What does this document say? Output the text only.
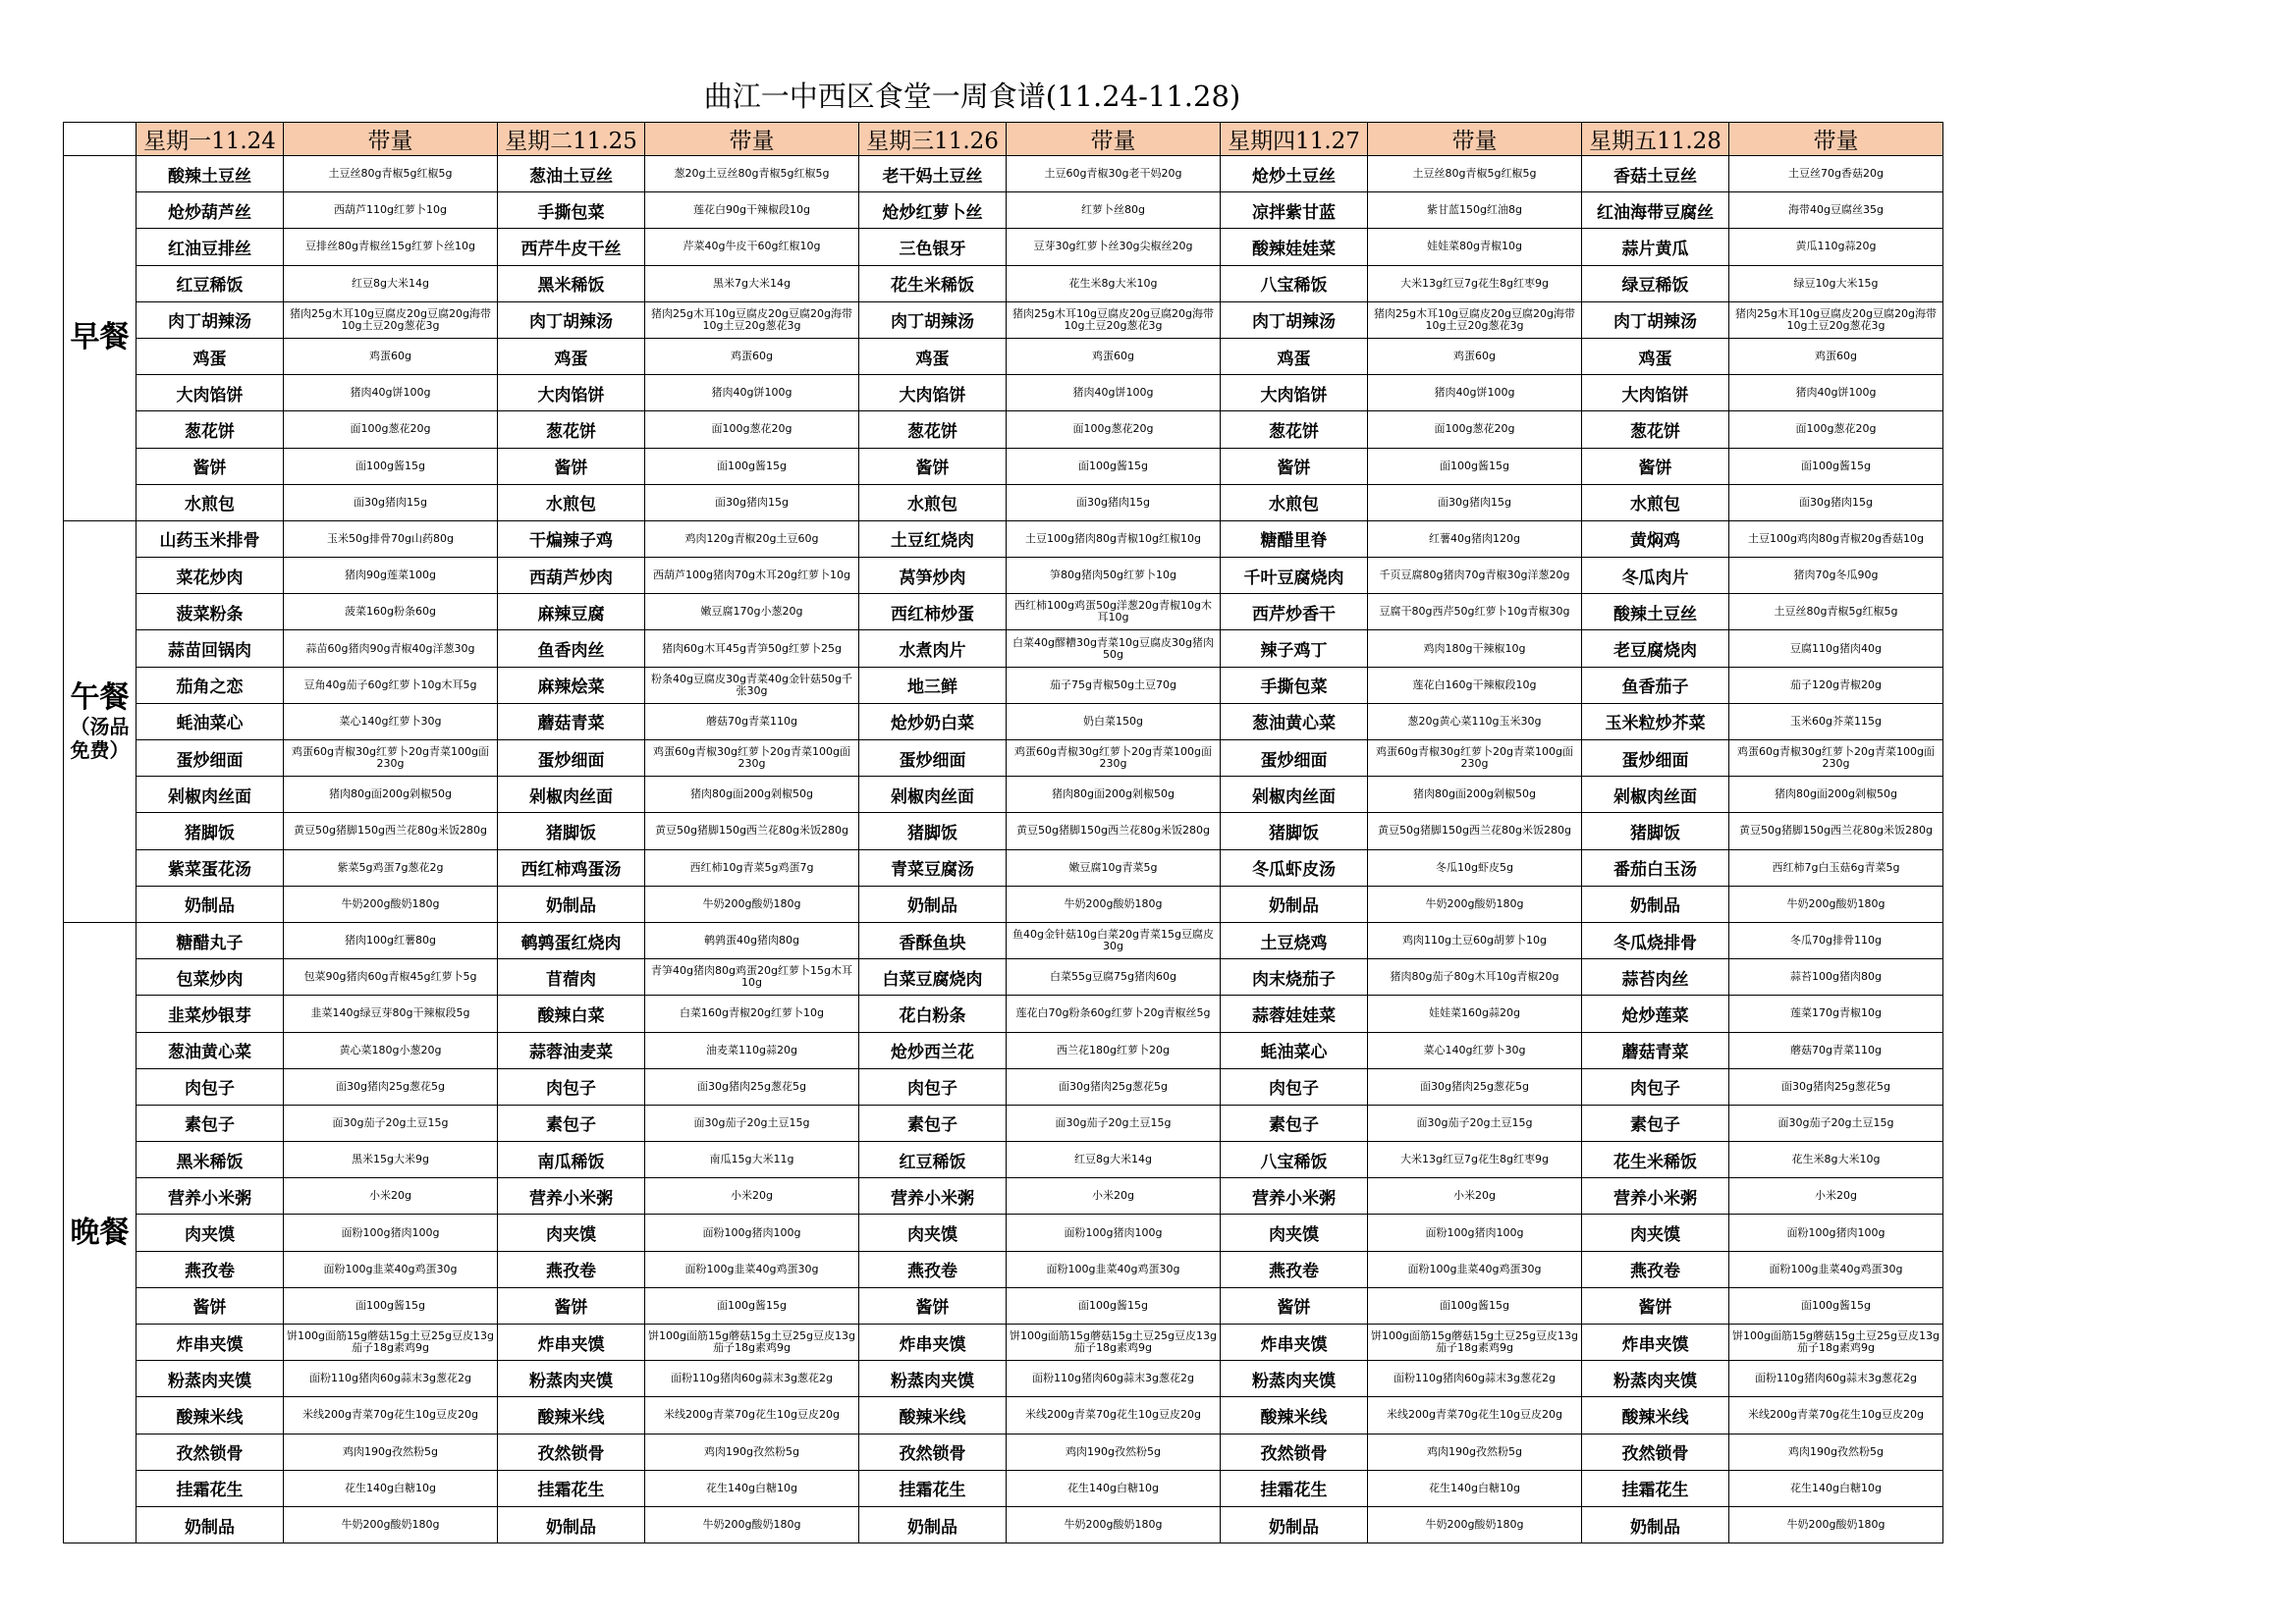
曲江一中西区食堂一周食谱(11.24-11.28)
	星期一11.24	带量	星期二11.25	带量	星期三11.26	带量	星期四11.27	带量	星期五11.28	带量
早餐	酸辣土豆丝	土豆丝80g青椒5g红椒5g	葱油土豆丝	葱20g土豆丝80g青椒5g红椒5g	老干妈土豆丝	土豆60g青椒30g老干妈20g	炝炒土豆丝	土豆丝80g青椒5g红椒5g	香菇土豆丝	土豆丝70g香菇20g
	炝炒葫芦丝	西葫芦110g红萝卜10g	手撕包菜	莲花白90g干辣椒段10g	炝炒红萝卜丝	红萝卜丝80g	凉拌紫甘蓝	紫甘蓝150g红油8g	红油海带豆腐丝	海带40g豆腐丝35g
	红油豆排丝	豆排丝80g青椒丝15g红萝卜丝10g	西芹牛皮干丝	芹菜40g牛皮干60g红椒10g	三色银牙	豆芽30g红萝卜丝30g尖椒丝20g	酸辣娃娃菜	娃娃菜80g青椒10g	蒜片黄瓜	黄瓜110g蒜20g
	红豆稀饭	红豆8g大米14g	黑米稀饭	黑米7g大米14g	花生米稀饭	花生米8g大米10g	八宝稀饭	大米13g红豆7g花生8g红枣9g	绿豆稀饭	绿豆10g大米15g
	肉丁胡辣汤	猪肉25g木耳10g豆腐皮20g豆腐20g海带10g土豆20g葱花3g	肉丁胡辣汤	猪肉25g木耳10g豆腐皮20g豆腐20g海带10g土豆20g葱花3g	肉丁胡辣汤	猪肉25g木耳10g豆腐皮20g豆腐20g海带10g土豆20g葱花3g	肉丁胡辣汤	猪肉25g木耳10g豆腐皮20g豆腐20g海带10g土豆20g葱花3g	肉丁胡辣汤	猪肉25g木耳10g豆腐皮20g豆腐20g海带10g土豆20g葱花3g
	鸡蛋	鸡蛋60g	鸡蛋	鸡蛋60g	鸡蛋	鸡蛋60g	鸡蛋	鸡蛋60g	鸡蛋	鸡蛋60g
	大肉馅饼	猪肉40g饼100g	大肉馅饼	猪肉40g饼100g	大肉馅饼	猪肉40g饼100g	大肉馅饼	猪肉40g饼100g	大肉馅饼	猪肉40g饼100g
	葱花饼	面100g葱花20g	葱花饼	面100g葱花20g	葱花饼	面100g葱花20g	葱花饼	面100g葱花20g	葱花饼	面100g葱花20g
	酱饼	面100g酱15g	酱饼	面100g酱15g	酱饼	面100g酱15g	酱饼	面100g酱15g	酱饼	面100g酱15g
	水煎包	面30g猪肉15g	水煎包	面30g猪肉15g	水煎包	面30g猪肉15g	水煎包	面30g猪肉15g	水煎包	面30g猪肉15g
午餐
（汤品免费）	山药玉米排骨	玉米50g排骨70g山药80g	干煸辣子鸡	鸡肉120g青椒20g土豆60g	土豆红烧肉	土豆100g猪肉80g青椒10g红椒10g	糖醋里脊	红薯40g猪肉120g	黄焖鸡	土豆100g鸡肉80g青椒20g香菇10g
	菜花炒肉	猪肉90g莲菜100g	西葫芦炒肉	西葫芦100g猪肉70g木耳20g红萝卜10g	莴笋炒肉	笋80g猪肉50g红萝卜10g	千叶豆腐烧肉	千页豆腐80g猪肉70g青椒30g洋葱20g	冬瓜肉片	猪肉70g冬瓜90g
	菠菜粉条	菠菜160g粉条60g	麻辣豆腐	嫩豆腐170g小葱20g	西红柿炒蛋	西红柿100g鸡蛋50g洋葱20g青椒10g木耳10g	西芹炒香干	豆腐干80g西芹50g红萝卜10g青椒30g	酸辣土豆丝	土豆丝80g青椒5g红椒5g
	蒜苗回锅肉	蒜苗60g猪肉90g青椒40g洋葱30g	鱼香肉丝	猪肉60g木耳45g青笋50g红萝卜25g	水煮肉片	白菜40g醪糟30g青菜10g豆腐皮30g猪肉50g	辣子鸡丁	鸡肉180g干辣椒10g	老豆腐烧肉	豆腐110g猪肉40g
	茄角之恋	豆角40g茄子60g红萝卜10g木耳5g	麻辣烩菜	粉条40g豆腐皮30g青菜40g金针菇50g千张30g	地三鲜	茄子75g青椒50g土豆70g	手撕包菜	莲花白160g干辣椒段10g	鱼香茄子	茄子120g青椒20g
	蚝油菜心	菜心140g红萝卜30g	蘑菇青菜	蘑菇70g青菜110g	炝炒奶白菜	奶白菜150g	葱油黄心菜	葱20g黄心菜110g玉米30g	玉米粒炒芥菜	玉米60g芥菜115g
	蛋炒细面	鸡蛋60g青椒30g红萝卜20g青菜100g面230g	蛋炒细面	鸡蛋60g青椒30g红萝卜20g青菜100g面230g	蛋炒细面	鸡蛋60g青椒30g红萝卜20g青菜100g面230g	蛋炒细面	鸡蛋60g青椒30g红萝卜20g青菜100g面230g	蛋炒细面	鸡蛋60g青椒30g红萝卜20g青菜100g面230g
	剁椒肉丝面	猪肉80g面200g剁椒50g	剁椒肉丝面	猪肉80g面200g剁椒50g	剁椒肉丝面	猪肉80g面200g剁椒50g	剁椒肉丝面	猪肉80g面200g剁椒50g	剁椒肉丝面	猪肉80g面200g剁椒50g
	猪脚饭	黄豆50g猪脚150g西兰花80g米饭280g	猪脚饭	黄豆50g猪脚150g西兰花80g米饭280g	猪脚饭	黄豆50g猪脚150g西兰花80g米饭280g	猪脚饭	黄豆50g猪脚150g西兰花80g米饭280g	猪脚饭	黄豆50g猪脚150g西兰花80g米饭280g
	紫菜蛋花汤	紫菜5g鸡蛋7g葱花2g	西红柿鸡蛋汤	西红柿10g青菜5g鸡蛋7g	青菜豆腐汤	嫩豆腐10g青菜5g	冬瓜虾皮汤	冬瓜10g虾皮5g	番茄白玉汤	西红柿7g白玉菇6g青菜5g
	奶制品	牛奶200g酸奶180g	奶制品	牛奶200g酸奶180g	奶制品	牛奶200g酸奶180g	奶制品	牛奶200g酸奶180g	奶制品	牛奶200g酸奶180g
晚餐	糖醋丸子	猪肉100g红薯80g	鹌鹑蛋红烧肉	鹌鹑蛋40g猪肉80g	香酥鱼块	鱼40g金针菇10g白菜20g青菜15g豆腐皮30g	土豆烧鸡	鸡肉110g土豆60g胡萝卜10g	冬瓜烧排骨	冬瓜70g排骨110g
	包菜炒肉	包菜90g猪肉60g青椒45g红萝卜5g	苜蓿肉	青笋40g猪肉80g鸡蛋20g红萝卜15g木耳10g	白菜豆腐烧肉	白菜55g豆腐75g猪肉60g	肉末烧茄子	猪肉80g茄子80g木耳10g青椒20g	蒜苔肉丝	蒜苔100g猪肉80g
	韭菜炒银芽	韭菜140g绿豆芽80g干辣椒段5g	酸辣白菜	白菜160g青椒20g红萝卜10g	花白粉条	莲花白70g粉条60g红萝卜20g青椒丝5g	蒜蓉娃娃菜	娃娃菜160g蒜20g	炝炒莲菜	莲菜170g青椒10g
	葱油黄心菜	黄心菜180g小葱20g	蒜蓉油麦菜	油麦菜110g蒜20g	炝炒西兰花	西兰花180g红萝卜20g	蚝油菜心	菜心140g红萝卜30g	蘑菇青菜	蘑菇70g青菜110g
	肉包子	面30g猪肉25g葱花5g	肉包子	面30g猪肉25g葱花5g	肉包子	面30g猪肉25g葱花5g	肉包子	面30g猪肉25g葱花5g	肉包子	面30g猪肉25g葱花5g
	素包子	面30g茄子20g土豆15g	素包子	面30g茄子20g土豆15g	素包子	面30g茄子20g土豆15g	素包子	面30g茄子20g土豆15g	素包子	面30g茄子20g土豆15g
	黑米稀饭	黑米15g大米9g	南瓜稀饭	南瓜15g大米11g	红豆稀饭	红豆8g大米14g	八宝稀饭	大米13g红豆7g花生8g红枣9g	花生米稀饭	花生米8g大米10g
	营养小米粥	小米20g	营养小米粥	小米20g	营养小米粥	小米20g	营养小米粥	小米20g	营养小米粥	小米20g
	肉夹馍	面粉100g猪肉100g	肉夹馍	面粉100g猪肉100g	肉夹馍	面粉100g猪肉100g	肉夹馍	面粉100g猪肉100g	肉夹馍	面粉100g猪肉100g
	燕孜卷	面粉100g韭菜40g鸡蛋30g	燕孜卷	面粉100g韭菜40g鸡蛋30g	燕孜卷	面粉100g韭菜40g鸡蛋30g	燕孜卷	面粉100g韭菜40g鸡蛋30g	燕孜卷	面粉100g韭菜40g鸡蛋30g
	酱饼	面100g酱15g	酱饼	面100g酱15g	酱饼	面100g酱15g	酱饼	面100g酱15g	酱饼	面100g酱15g
	炸串夹馍	饼100g面筋15g蘑菇15g土豆25g豆皮13g茄子18g素鸡9g	炸串夹馍	饼100g面筋15g蘑菇15g土豆25g豆皮13g茄子18g素鸡9g	炸串夹馍	饼100g面筋15g蘑菇15g土豆25g豆皮13g茄子18g素鸡9g	炸串夹馍	饼100g面筋15g蘑菇15g土豆25g豆皮13g茄子18g素鸡9g	炸串夹馍	饼100g面筋15g蘑菇15g土豆25g豆皮13g茄子18g素鸡9g
	粉蒸肉夹馍	面粉110g猪肉60g蒜末3g葱花2g	粉蒸肉夹馍	面粉110g猪肉60g蒜末3g葱花2g	粉蒸肉夹馍	面粉110g猪肉60g蒜末3g葱花2g	粉蒸肉夹馍	面粉110g猪肉60g蒜末3g葱花2g	粉蒸肉夹馍	面粉110g猪肉60g蒜末3g葱花2g
	酸辣米线	米线200g青菜70g花生10g豆皮20g	酸辣米线	米线200g青菜70g花生10g豆皮20g	酸辣米线	米线200g青菜70g花生10g豆皮20g	酸辣米线	米线200g青菜70g花生10g豆皮20g	酸辣米线	米线200g青菜70g花生10g豆皮20g
	孜然锁骨	鸡肉190g孜然粉5g	孜然锁骨	鸡肉190g孜然粉5g	孜然锁骨	鸡肉190g孜然粉5g	孜然锁骨	鸡肉190g孜然粉5g	孜然锁骨	鸡肉190g孜然粉5g
	挂霜花生	花生140g白糖10g	挂霜花生	花生140g白糖10g	挂霜花生	花生140g白糖10g	挂霜花生	花生140g白糖10g	挂霜花生	花生140g白糖10g
	奶制品	牛奶200g酸奶180g	奶制品	牛奶200g酸奶180g	奶制品	牛奶200g酸奶180g	奶制品	牛奶200g酸奶180g	奶制品	牛奶200g酸奶180g
